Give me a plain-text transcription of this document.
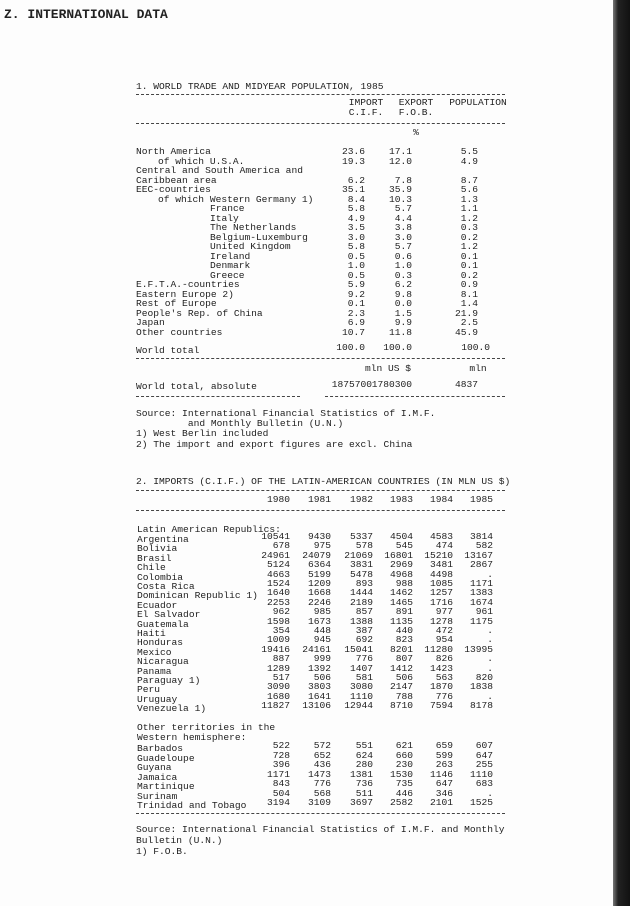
Z. INTERNATIONAL DATA
1. WORLD TRADE AND MIDYEAR POPULATION, 1985
IMPORT
C.I.F.
EXPORT
F.O.B.
POPULATION
%
North America	23.6 17.1	5.5
of which U.S.A.	19.3 12.0	4.9
Central and South America and
Caribbean area	6.2	7.8	8.7
EEC-countries	35.1 35.9	5.6
of which Western Germany 1)	8.4 10.3	1.3
France	5.8	5.7	1.1
Italy	4.9	4.4	1.2
The Netherlands	3.5	3.8	0.3
Belgium-Luxemburg	3.0	3.0	0.2
United Kingdom	5.8	5.7	1.2
Ireland	0.5	0.6	0.1
Denmark	1.0	1.0	0.1
Greece	0.5	0.3	0.2
E.F.T.A.-countries	5.9	6.2	0.9
Eastern Europe 2)	9.2	9.8	8.1
Rest of Europe	0.1	0.0	1.4
People's Rep. of China	2.3	1.5	21.9
Japan	6.9	9.9	2.5
Other countries	10.7 11.8	45.9
World total	100.0 100.0	100.0
mln US $	mln
World total, absolute	1875700 1780300	4837
Source: International Financial Statistics of I.M.F.
and Monthly Bulletin (U.N.)
1) West Berlin included
2) The import and export figures are excl. China
2. IMPORTS (C.I.F.) OF THE LATIN-AMERICAN COUNTRIES (IN MLN US $)
1980 1981 1982 1983 1984 1985
Latin American Republics:
Argentina	10541 9430 5337 4504 4583 3814
Bolivia	678 975	578 545 474 582
Brasil	24961 24079 21069 16801 15210 13167
Chile	5124 6364 3831 2969 3481 2867
Colombia	4663 5199 5478 4968 4498	.
Costa Rica	1524 1209	893 988 1085 1171
Dominican Republic 1) 1640 1668 1444 1462 1257 1383
Ecuador	2253 2246 2189 1465 1716 1674
El Salvador	962 985	857 891 977 961
Guatemala	1598 1673 1388 1135 1278 1175
Haiti	354 448	387 440 472	.
Honduras	1009 945	692 823 954	.
Mexico	19416 24161 15041 8201 11280 13995
Nicaragua	887 999	776 807 826	.
Panama	1289 1392 1407 1412 1423	.
Paraguay 1)	517 506	581 506 563 820
Peru	3090 3803 3080 2147 1870 1838
Uruguay	1680 1641 1110 788 776	.
Venezuela 1)	11827 13106 12944 8710 7594 8178
Other territories in the
Western hemisphere:
Barbados	522 572	551 621 659 607
Guadeloupe	728 652	624 660 599 647
Guyana	396 436	280 230 263 255
Jamaica	1171 1473 1381 1530 1146 1110
Martinique	843 776	736 735 647 683
Surinam	504 568	511 446 346	.
Trinidad and Tobago 3194 3109 3697 2582 2101 1525
Source: International Financial Statistics of I.M.F. and Monthly
Bulletin (U.N.)
1) F.O.B.
